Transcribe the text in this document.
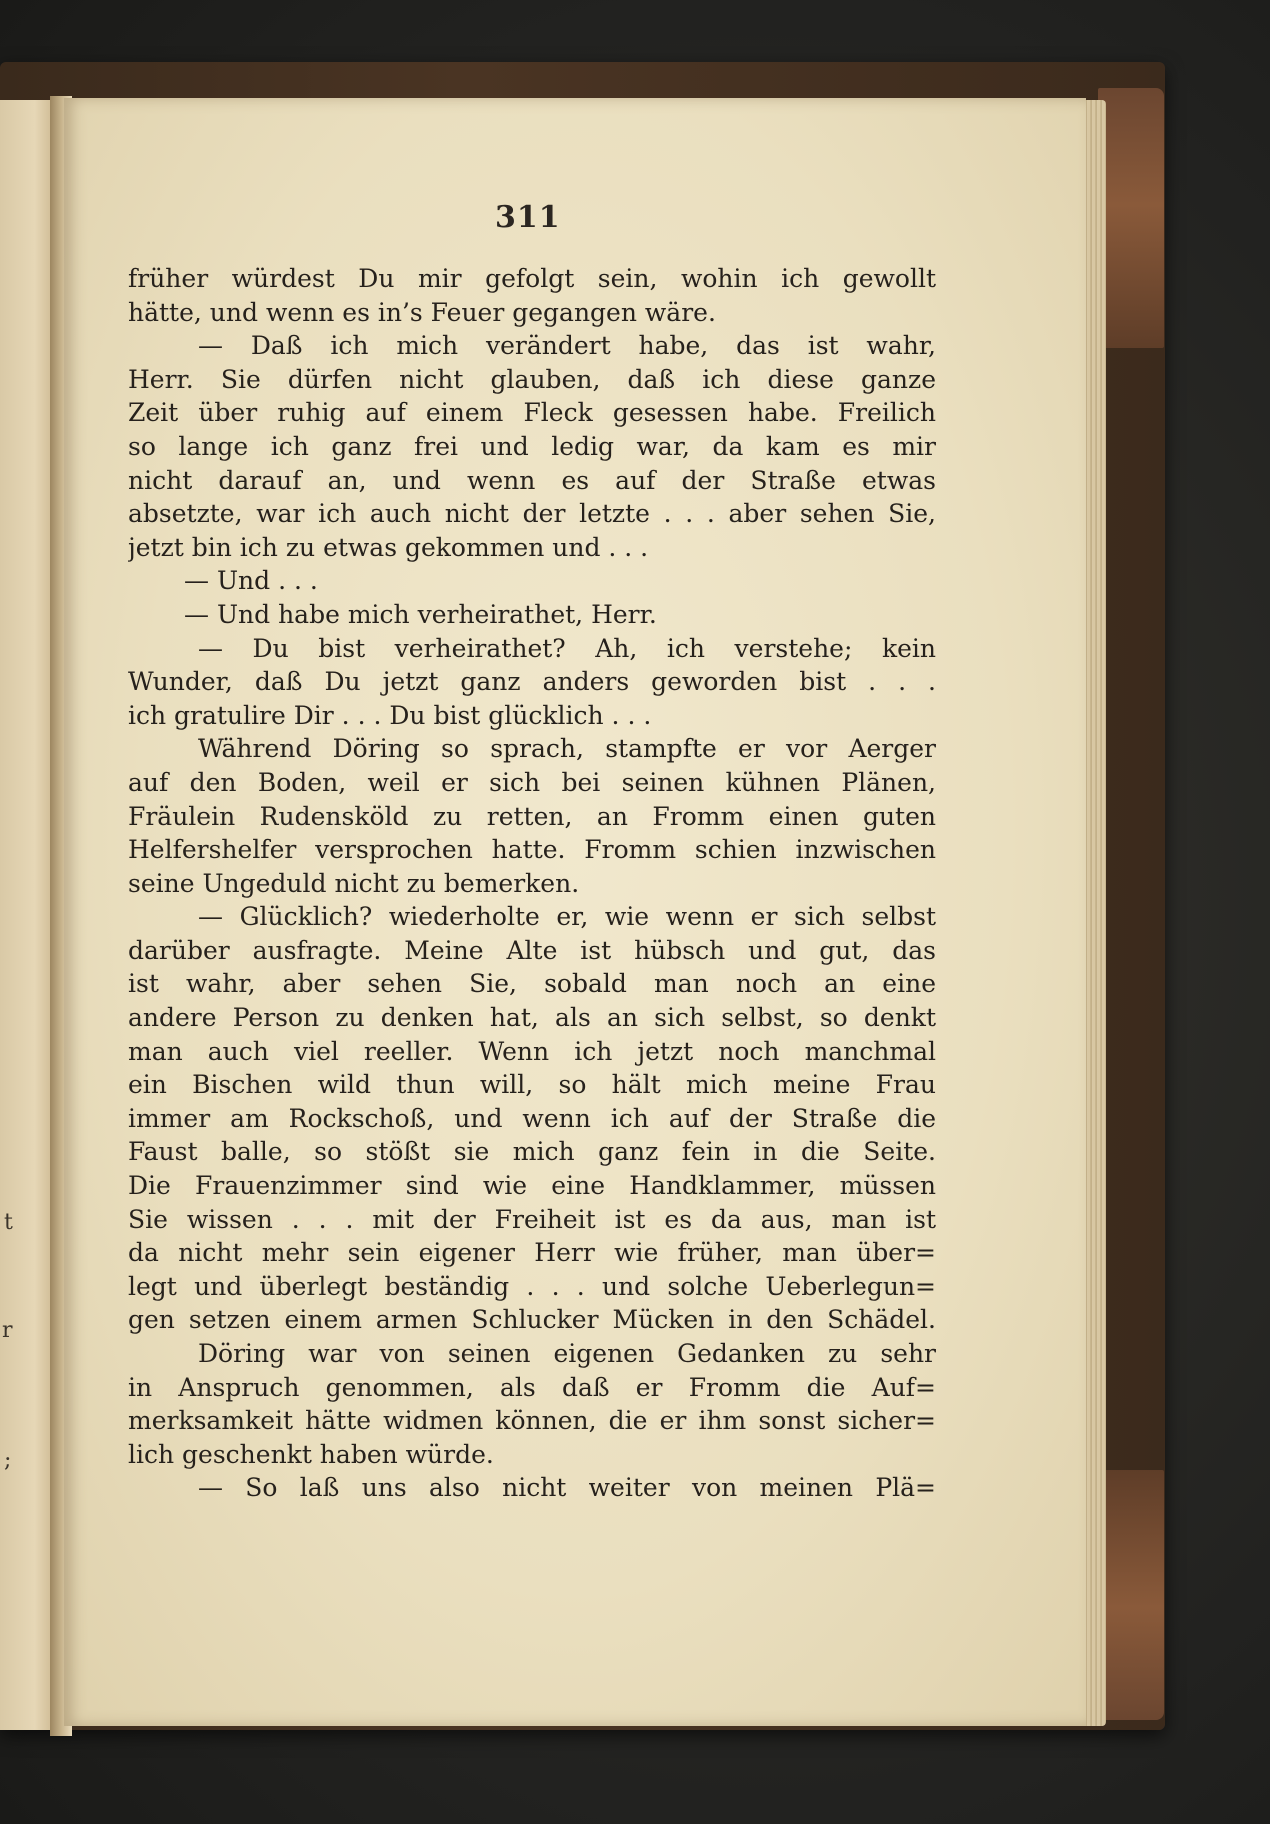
t
r
;
311
früher würdest Du mir gefolgt sein, wohin ich gewollt
hätte, und wenn es in’s Feuer gegangen wäre.
— Daß ich mich verändert habe, das ist wahr,
Herr. Sie dürfen nicht glauben, daß ich diese ganze
Zeit über ruhig auf einem Fleck gesessen habe. Freilich
so lange ich ganz frei und ledig war, da kam es mir
nicht darauf an, und wenn es auf der Straße etwas
absetzte, war ich auch nicht der letzte . . . aber sehen Sie,
jetzt bin ich zu etwas gekommen und . . .
— Und . . .
— Und habe mich verheirathet, Herr.
— Du bist verheirathet? Ah, ich verstehe; kein
Wunder, daß Du jetzt ganz anders geworden bist . . .
ich gratulire Dir . . . Du bist glücklich . . .
Während Döring so sprach, stampfte er vor Aerger
auf den Boden, weil er sich bei seinen kühnen Plänen,
Fräulein Rudensköld zu retten, an Fromm einen guten
Helfershelfer versprochen hatte. Fromm schien inzwischen
seine Ungeduld nicht zu bemerken.
— Glücklich? wiederholte er, wie wenn er sich selbst
darüber ausfragte. Meine Alte ist hübsch und gut, das
ist wahr, aber sehen Sie, sobald man noch an eine
andere Person zu denken hat, als an sich selbst, so denkt
man auch viel reeller. Wenn ich jetzt noch manchmal
ein Bischen wild thun will, so hält mich meine Frau
immer am Rockschoß, und wenn ich auf der Straße die
Faust balle, so stößt sie mich ganz fein in die Seite.
Die Frauenzimmer sind wie eine Handklammer, müssen
Sie wissen . . . mit der Freiheit ist es da aus, man ist
da nicht mehr sein eigener Herr wie früher, man über=
legt und überlegt beständig . . . und solche Ueberlegun=
gen setzen einem armen Schlucker Mücken in den Schädel.
Döring war von seinen eigenen Gedanken zu sehr
in Anspruch genommen, als daß er Fromm die Auf=
merksamkeit hätte widmen können, die er ihm sonst sicher=
lich geschenkt haben würde.
— So laß uns also nicht weiter von meinen Plä=
